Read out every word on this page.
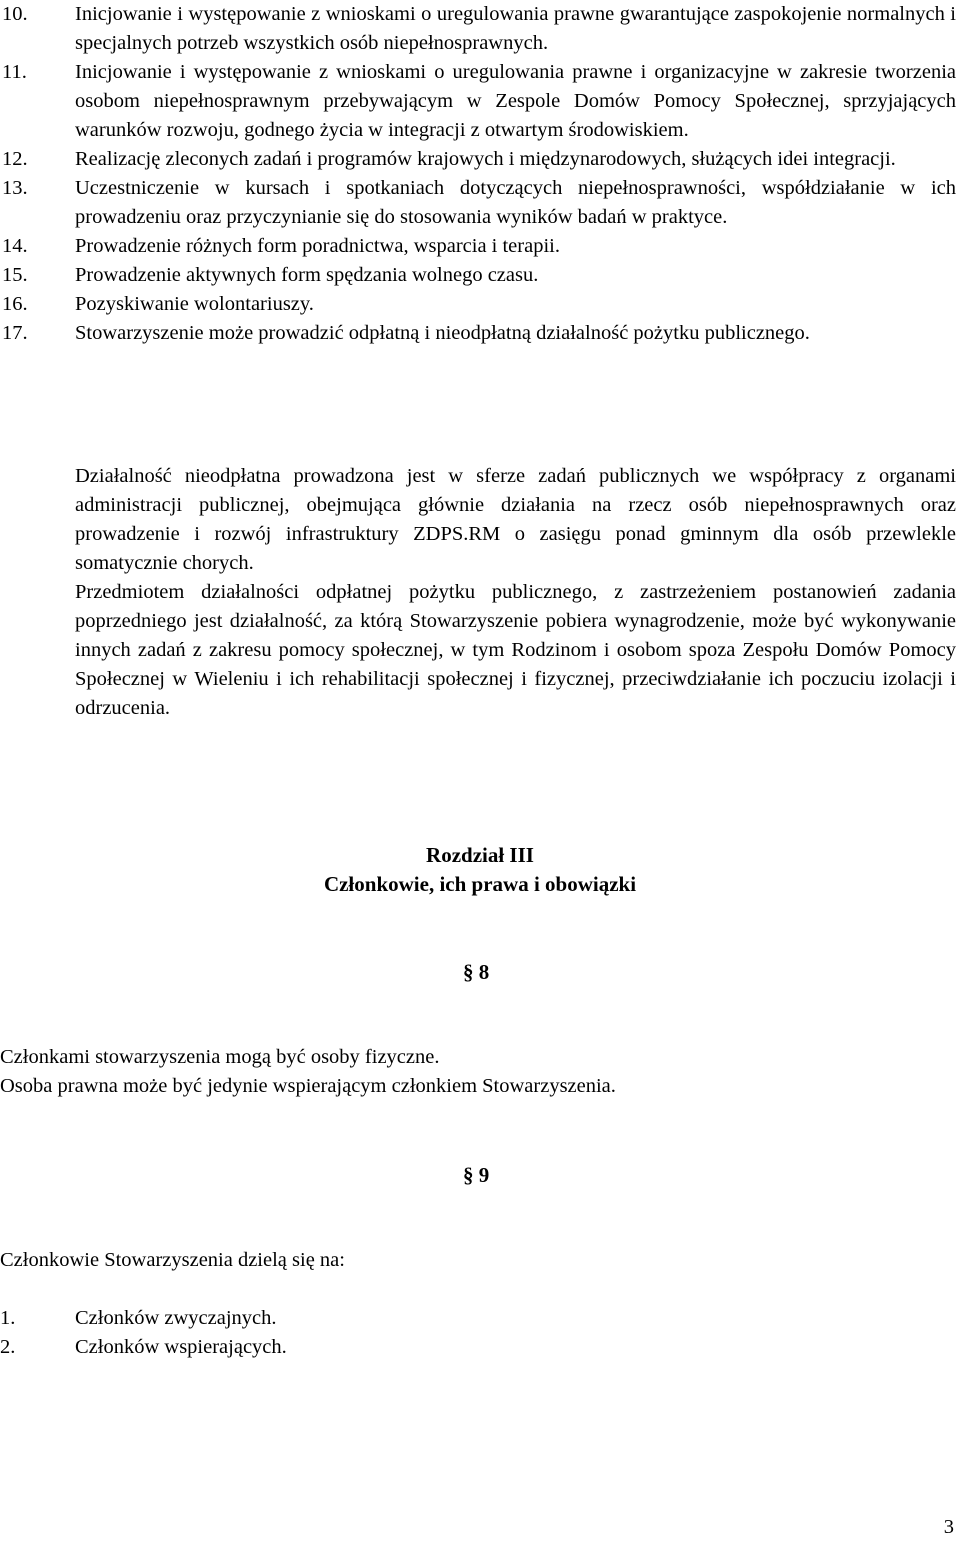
10. Inicjowanie i występowanie z wnioskami o uregulowania prawne gwarantujące zaspokojenie normalnych i specjalnych potrzeb wszystkich osób niepełnosprawnych.
11. Inicjowanie i występowanie z wnioskami o uregulowania prawne i organizacyjne w zakresie tworzenia osobom niepełnosprawnym przebywającym w Zespole Domów Pomocy Społecznej, sprzyjających warunków rozwoju, godnego życia w integracji z otwartym środowiskiem.
12. Realizację zleconych zadań i programów krajowych i międzynarodowych, służących idei integracji.
13. Uczestniczenie w kursach i spotkaniach dotyczących niepełnosprawności, współdziałanie w ich prowadzeniu oraz przyczynianie się do stosowania wyników badań w praktyce.
14. Prowadzenie różnych form poradnictwa, wsparcia i terapii.
15. Prowadzenie aktywnych form spędzania wolnego czasu.
16. Pozyskiwanie wolontariuszy.
17. Stowarzyszenie może prowadzić odpłatną i nieodpłatną działalność pożytku publicznego.

Działalność nieodpłatna prowadzona jest w sferze zadań publicznych we współpracy z organami administracji publicznej, obejmująca głównie działania na rzecz osób niepełnosprawnych oraz prowadzenie i rozwój infrastruktury ZDPS.RM o zasięgu ponad gminnym dla osób przewlekle somatycznie chorych.

Przedmiotem działalności odpłatnej pożytku publicznego, z zastrzeżeniem postanowień zadania poprzedniego jest działalność, za którą Stowarzyszenie pobiera wynagrodzenie, może być wykonywanie innych zadań z zakresu pomocy społecznej, w tym Rodzinom i osobom spoza Zespołu Domów Pomocy Społecznej w Wieleniu i ich rehabilitacji społecznej i fizycznej, przeciwdziałanie ich poczuciu izolacji i odrzucenia.

Rozdział III
Członkowie, ich prawa i obowiązki
§ 8

Członkami stowarzyszenia mogą być osoby fizyczne.

Osoba prawna może być jedynie wspierającym członkiem Stowarzyszenia.

§ 9

Członkowie Stowarzyszenia dzielą się na:

1.	Członków zwyczajnych.
2.	Członków wspierających.

3
